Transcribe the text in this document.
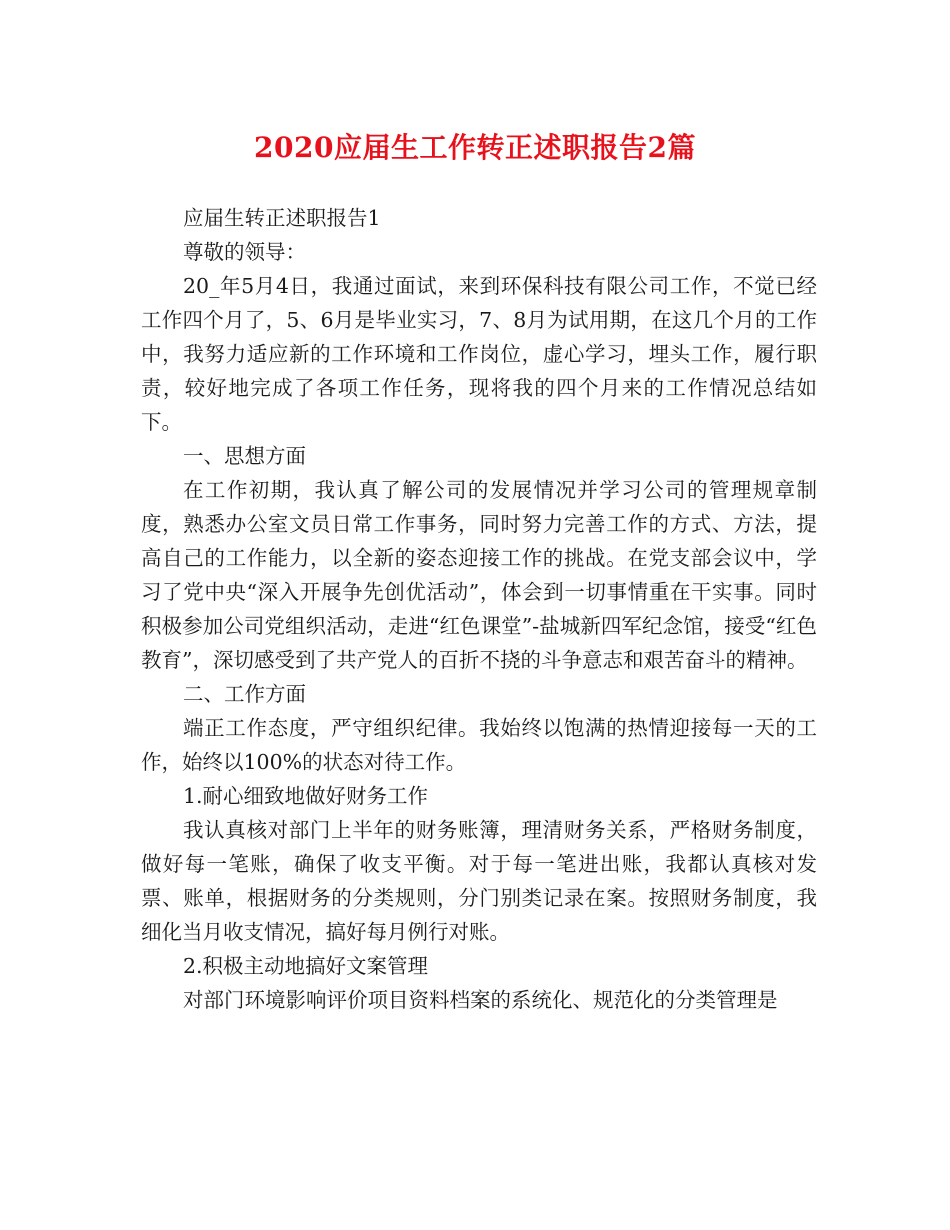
2020应届生工作转正述职报告2篇

应届生转正述职报告1

尊敬的领导：

20_年5月4日，我通过面试，来到环保科技有限公司工作，不觉已经工作四个月了，5、6月是毕业实习，7、8月为试用期，在这几个月的工作中，我努力适应新的工作环境和工作岗位，虚心学习，埋头工作，履行职责，较好地完成了各项工作任务，现将我的四个月来的工作情况总结如下。

一、思想方面

在工作初期，我认真了解公司的发展情况并学习公司的管理规章制度，熟悉办公室文员日常工作事务，同时努力完善工作的方式、方法，提高自己的工作能力，以全新的姿态迎接工作的挑战。在党支部会议中，学习了党中央“深入开展争先创优活动”，体会到一切事情重在干实事。同时积极参加公司党组织活动，走进“红色课堂”-盐城新四军纪念馆，接受“红色教育”，深切感受到了共产党人的百折不挠的斗争意志和艰苦奋斗的精神。

二、工作方面

端正工作态度，严守组织纪律。我始终以饱满的热情迎接每一天的工作，始终以100%的状态对待工作。

1.耐心细致地做好财务工作

我认真核对部门上半年的财务账簿，理清财务关系，严格财务制度，做好每一笔账，确保了收支平衡。对于每一笔进出账，我都认真核对发票、账单，根据财务的分类规则，分门别类记录在案。按照财务制度，我细化当月收支情况，搞好每月例行对账。

2.积极主动地搞好文案管理

对部门环境影响评价项目资料档案的系统化、规范化的分类管理是
